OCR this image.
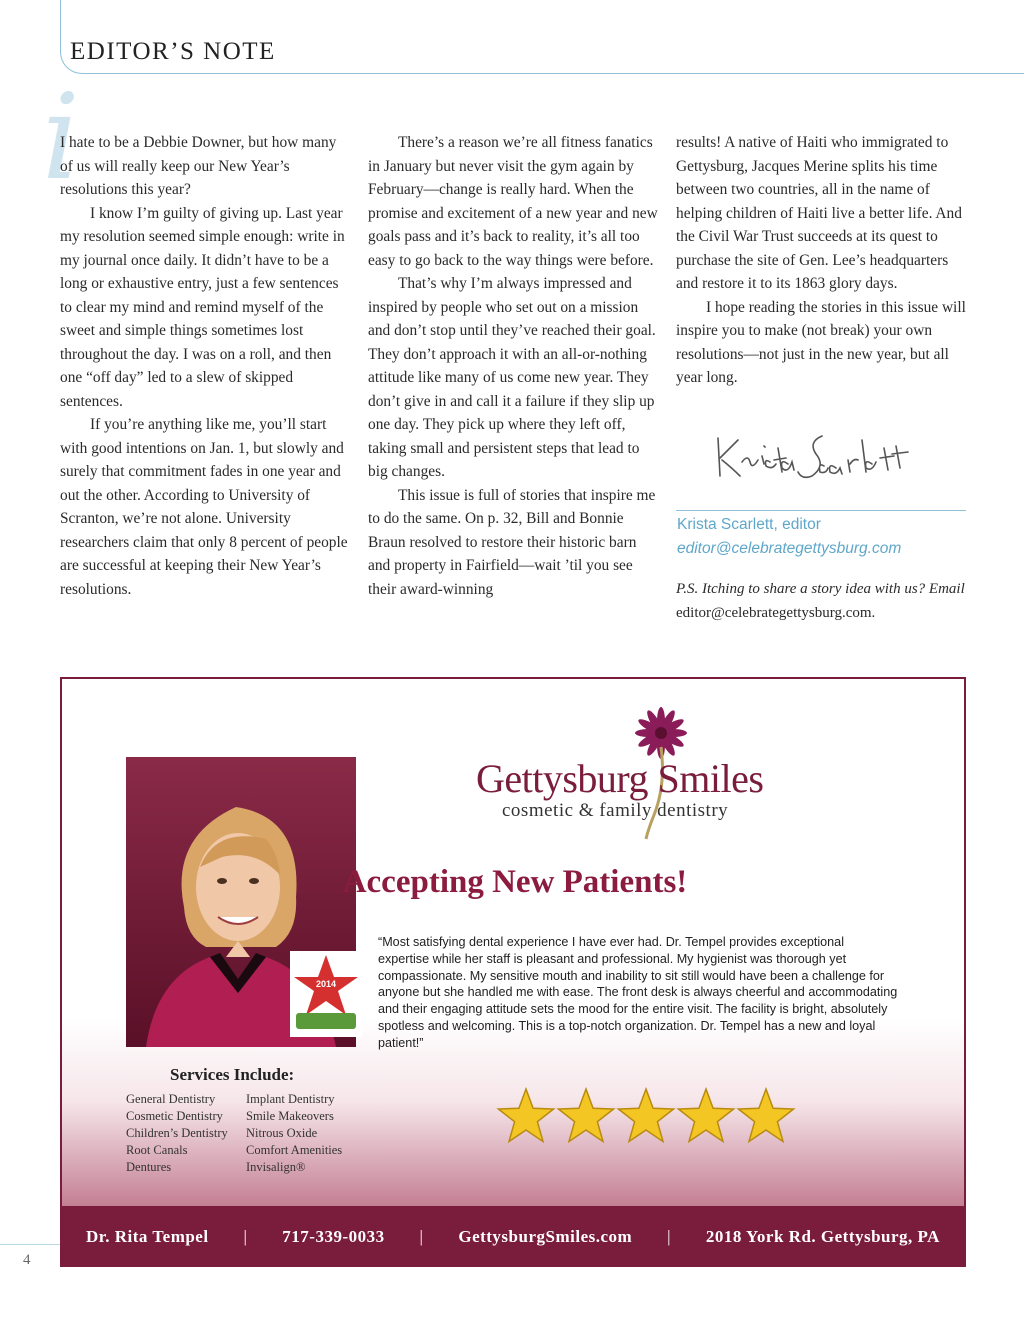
EDITOR’S NOTE
i

I hate to be a Debbie Downer, but how many of us will really keep our New Year’s resolutions this year?

I know I’m guilty of giving up. Last year my resolution seemed simple enough: write in my journal once daily. It didn’t have to be a long or exhaustive entry, just a few sentences to clear my mind and remind myself of the sweet and simple things sometimes lost throughout the day. I was on a roll, and then one “off day” led to a slew of skipped sentences.

If you’re anything like me, you’ll start with good intentions on Jan. 1, but slowly and surely that commitment fades in one year and out the other. According to University of Scranton, we’re not alone. University researchers claim that only 8 percent of people are successful at keeping their New Year’s resolutions.

There’s a reason we’re all fitness fanatics in January but never visit the gym again by February—change is really hard. When the promise and excitement of a new year and new goals pass and it’s back to reality, it’s all too easy to go back to the way things were before.

That’s why I’m always impressed and inspired by people who set out on a mission and don’t stop until they’ve reached their goal. They don’t approach it with an all-or-nothing attitude like many of us come new year. They don’t give in and call it a failure if they slip up one day. They pick up where they left off, taking small and persistent steps that lead to big changes.

This issue is full of stories that inspire me to do the same. On p. 32, Bill and Bonnie Braun resolved to restore their historic barn and property in Fairfield—wait ’til you see their award-winning

results! A native of Haiti who immigrated to Gettysburg, Jacques Merine splits his time between two countries, all in the name of helping children of Haiti live a better life. And the Civil War Trust succeeds at its quest to purchase the site of Gen. Lee’s headquarters and restore it to its 1863 glory days.

I hope reading the stories in this issue will inspire you to make (not break) your own resolutions—not just in the new year, but all year long.

Krista Scarlett, editor
editor@celebrategettysburg.com
P.S. Itching to share a story idea with us? Email editor@celebrategettysburg.com.
2014
Gettysburg Smiles
cosmetic & family dentistry
Accepting New Patients!
“Most satisfying dental experience I have ever had. Dr. Tempel provides exceptional expertise while her staff is pleasant and professional. My hygienist was thorough yet compassionate. My sensitive mouth and inability to sit still would have been a challenge for anyone but she handled me with ease. The front desk is always cheerful and accommodating and their engaging attitude sets the mood for the entire visit. The facility is bright, absolutely spotless and welcoming. This is a top-notch organization. Dr. Tempel has a new and loyal patient!”
Services Include:
General Dentistry
Cosmetic Dentistry
Children’s Dentistry
Root Canals
Dentures
Implant Dentistry
Smile Makeovers
Nitrous Oxide
Comfort Amenities
Invisalign®
Dr. Rita Tempel | 717-339-0033 | GettysburgSmiles.com | 2018 York Rd. Gettysburg, PA
4
